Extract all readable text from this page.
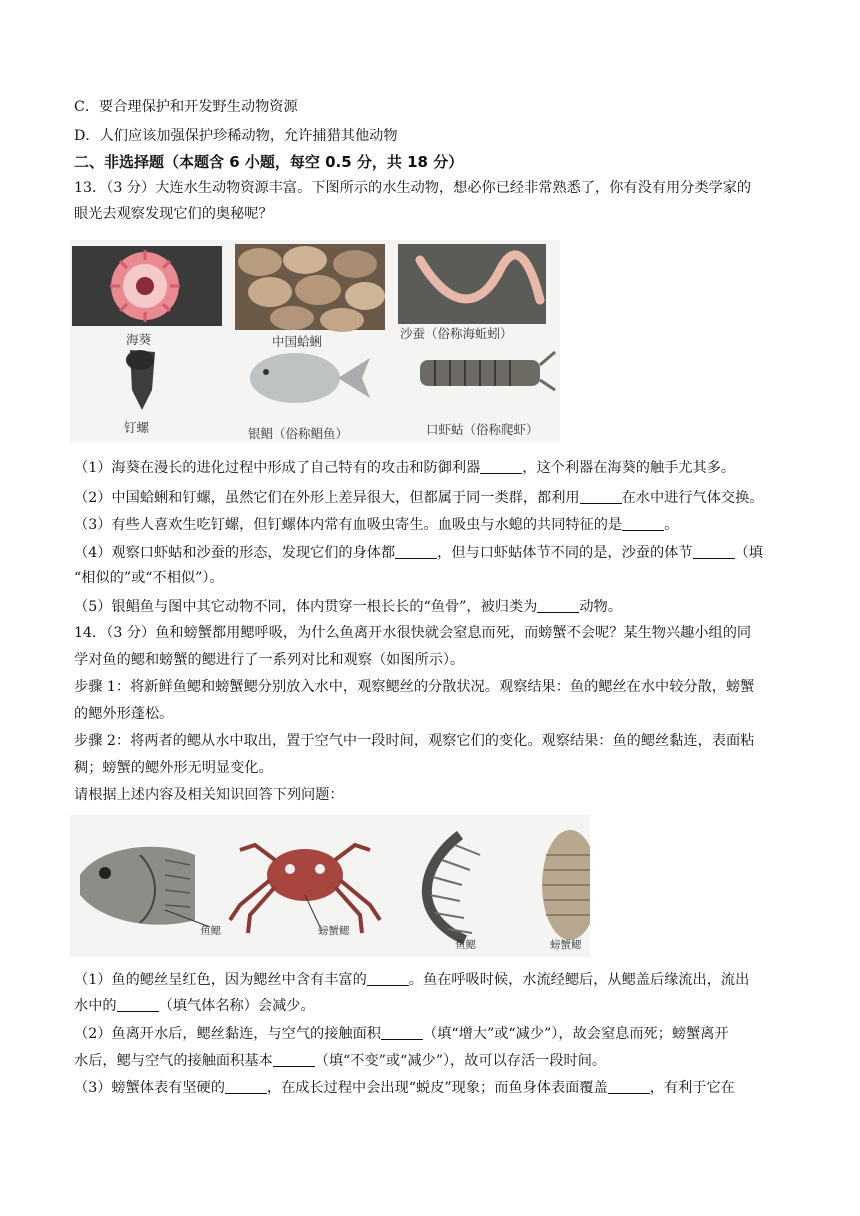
C．要合理保护和开发野生动物资源
D．人们应该加强保护珍稀动物，允许捕猎其他动物
二、非选择题（本题含 6 小题，每空 0.5 分，共 18 分）
13．（3 分）大连水生动物资源丰富。下图所示的水生动物，想必你已经非常熟悉了，你有没有用分类学家的
眼光去观察发现它们的奥秘呢？
海葵	中国蛤蜊
沙蚕（俗称海蚯蚓）
钉螺	银鲳（俗称鲳鱼）	口虾蛄（俗称爬虾）
（1）海葵在漫长的进化过程中形成了自己特有的攻击和防御利器	，这个利器在海葵的触手尤其多。
（2）中国蛤蜊和钉螺，虽然它们在外形上差异很大，但都属于同一类群，都利用	在水中进行气体交换。
（3）有些人喜欢生吃钉螺，但钉螺体内常有血吸虫寄生。血吸虫与水螅的共同特征的是	。
（4）观察口虾蛄和沙蚕的形态，发现它们的身体都	，但与口虾蛄体节不同的是，沙蚕的体节	（填
“相似的”或“不相似”）。
（5）银鲳鱼与图中其它动物不同，体内贯穿一根长长的“鱼骨”，被归类为	动物。
14．（3 分）鱼和螃蟹都用鳃呼吸，为什么鱼离开水很快就会窒息而死，而螃蟹不会呢？某生物兴趣小组的同
学对鱼的鳃和螃蟹的鳃进行了一系列对比和观察（如图所示）。
步骤 1：将新鲜鱼鳃和螃蟹鳃分别放入水中，观察鳃丝的分散状况。观察结果：鱼的鳃丝在水中较分散，螃蟹
的鳃外形蓬松。
步骤 2：将两者的鳃从水中取出，置于空气中一段时间，观察它们的变化。观察结果：鱼的鳃丝黏连，表面粘
稠；螃蟹的鳃外形无明显变化。
请根据上述内容及相关知识回答下列问题：
鱼鳃	螃蟹鳃
鱼鳃	螃蟹鳃
（1）鱼的鳃丝呈红色，因为鳃丝中含有丰富的	。鱼在呼吸时候，水流经鳃后，从鳃盖后缘流出，流出
水中的	（填气体名称）会减少。
（2）鱼离开水后，鳃丝黏连，与空气的接触面积	（填“增大”或“减少”），故会窒息而死；螃蟹离开
水后，鳃与空气的接触面积基本	（填“不变”或“减少”），故可以存活一段时间。
（3）螃蟹体表有坚硬的	，在成长过程中会出现“蜕皮”现象；而鱼身体表面覆盖	，有利于它在
